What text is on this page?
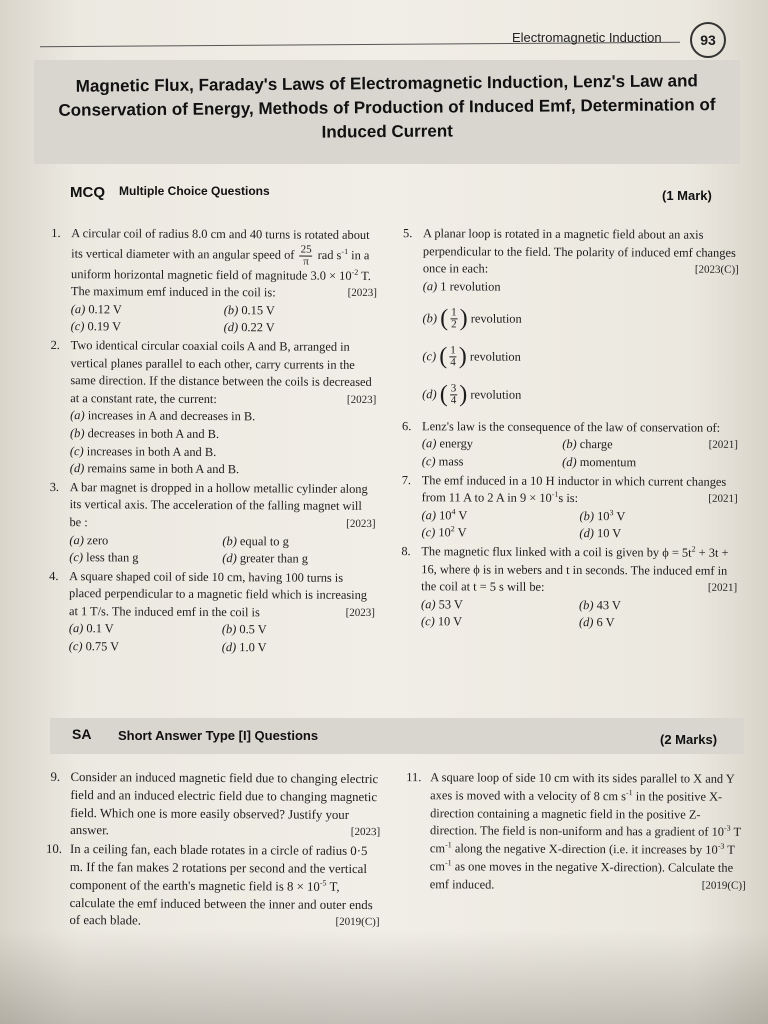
Electromagnetic Induction	93
Magnetic Flux, Faraday's Laws of Electromagnetic Induction, Lenz's Law and Conservation of Energy, Methods of Production of Induced Emf, Determination of Induced Current
MCQ Multiple Choice Questions	(1 Mark)
1. A circular coil of radius 8.0 cm and 40 turns is rotated about its vertical diameter with an angular speed of $\frac{25}{\pi}$ rad $s^{-1}$ in a uniform horizontal magnetic field of magnitude $3.0 \times 10^{-2}$ T. The maximum emf induced in the coil is:	[2023]
(a) 0.12 V	(b) 0.15 V
(c) 0.19 V	(d) 0.22 V
2. Two identical circular coaxial coils A and B, arranged in vertical planes parallel to each other, carry currents in the same direction. If the distance between the coils is decreased at a constant rate, the current:	[2023]
(a) increases in A and decreases in B.
(b) decreases in both A and B.
(c) increases in both A and B.
(d) remains same in both A and B.
3. A bar magnet is dropped in a hollow metallic cylinder along its vertical axis. The acceleration of the falling magnet will be :	[2023]
(a) zero	(b) equal to g
(c) less than g	(d) greater than g
4. A square shaped coil of side 10 cm, having 100 turns is placed perpendicular to a magnetic field which is increasing at 1 T/s. The induced emf in the coil is	[2023]
(a) 0.1 V	(b) 0.5 V
(c) 0.75 V	(d) 1.0 V
5. A planar loop is rotated in a magnetic field about an axis perpendicular to the field. The polarity of induced emf changes once in each:	[2023(C)]
(a) 1 revolution
(b)
( $\frac{1}{2}$ )
revolution
(c)
( $\frac{1}{4}$ )
revolution
(d)
( $\frac{3}{4}$ )
revolution
6. Lenz's law is the consequence of the law of conservation of:
[2021]
(a) energy	(b) charge
(c) mass	(d) momentum
7. The emf induced in a 10 H inductor in which current changes from 11 A to 2 A in $9 \times 10^{-1}s$ is:	[2021]
(a) $10^4$ V	(b) $10^3$ V
(c) $10^2$ V	(d) 10 V
8. The magnetic flux linked with a coil is given by $\phi = 5t^2 + 3t + 16$, where ϕ is in webers and t in seconds. The induced emf in the coil at t = 5 s will be:	[2021]
(a) 53 V	(b) 43 V
(c) 10 V	(d) 6 V
SA Short Answer Type [I] Questions	(2 Marks)
9. Consider an induced magnetic field due to changing electric field and an induced electric field due to changing magnetic field. Which one is more easily observed? Justify your answer.	[2023]
10. In a ceiling fan, each blade rotates in a circle of radius 0·5 m. If the fan makes 2 rotations per second and the vertical component of the earth's magnetic field is $8 \times 10^{-5}$ T, calculate the emf induced between the inner and outer ends of each blade.	[2019(C)]
11. A square loop of side 10 cm with its sides parallel to X and Y axes is moved with a velocity of 8 cm $s^{-1}$ in the positive X-direction containing a magnetic field in the positive Z-direction. The field is non-uniform and has a gradient of $10^{-3}$ T $cm^{-1}$ along the negative X-direction (i.e. it increases by $10^{-3}$ T $cm^{-1}$ as one moves in the negative X-direction). Calculate the emf induced.	[2019(C)]
